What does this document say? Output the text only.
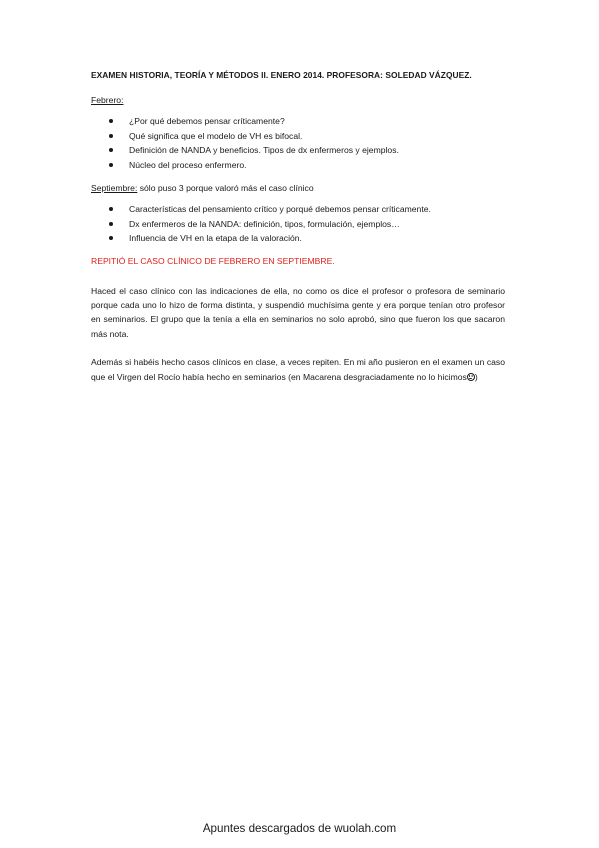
EXAMEN HISTORIA, TEORÍA Y MÉTODOS II. ENERO 2014. PROFESORA: SOLEDAD VÁZQUEZ.
Febrero:
¿Por qué debemos pensar críticamente?
Qué significa que el modelo de VH es bifocal.
Definición de NANDA y beneficios. Tipos de dx enfermeros y ejemplos.
Núcleo del proceso enfermero.
Septiembre: sólo puso 3 porque valoró más el caso clínico
Características del pensamiento crítico y porqué debemos pensar críticamente.
Dx enfermeros de la NANDA: definición, tipos, formulación, ejemplos…
Influencia de VH en la etapa de la valoración.
REPITIÓ EL CASO CLÍNICO DE FEBRERO EN SEPTIEMBRE.

Haced el caso clínico con las indicaciones de ella, no como os dice el profesor o profesora de seminario porque cada uno lo hizo de forma distinta, y suspendió muchísima gente y era porque tenían otro profesor en seminarios. El grupo que la tenía a ella en seminarios no solo aprobó, sino que fueron los que sacaron más nota.

Además si habéis hecho casos clínicos en clase, a veces repiten. En mi año pusieron en el examen un caso que el Virgen del Rocío había hecho en seminarios (en Macarena desgraciadamente no lo hicimos )

Apuntes descargados de wuolah.com
